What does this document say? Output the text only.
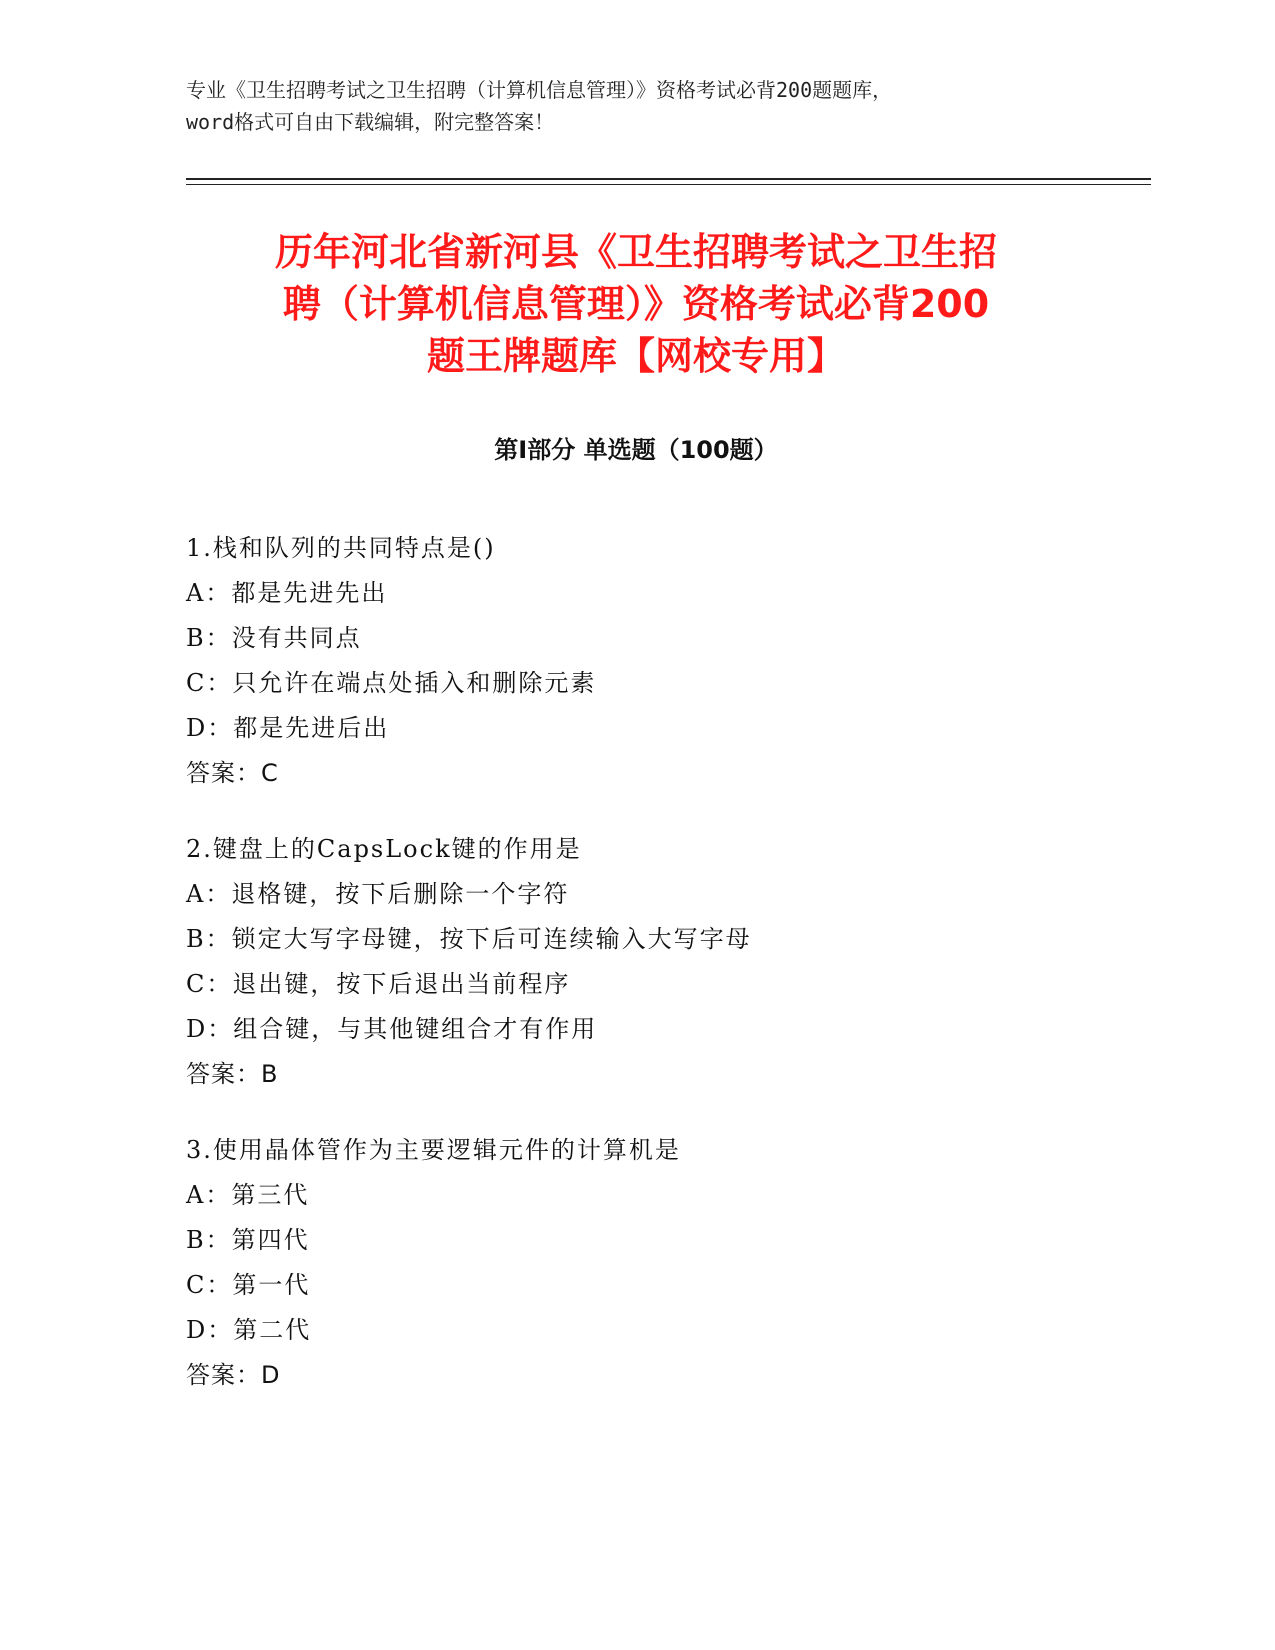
专业《卫生招聘考试之卫生招聘（计算机信息管理）》资格考试必背200题题库，
word格式可自由下载编辑，附完整答案！
历年河北省新河县《卫生招聘考试之卫生招
聘（计算机信息管理）》资格考试必背200
题王牌题库【网校专用】
第Ⅰ部分 单选题（100题）
1.栈和队列的共同特点是()
A：都是先进先出
B：没有共同点
C：只允许在端点处插入和删除元素
D：都是先进后出
答案：C
2.键盘上的CapsLock键的作用是
A：退格键，按下后删除一个字符
B：锁定大写字母键，按下后可连续输入大写字母
C：退出键，按下后退出当前程序
D：组合键，与其他键组合才有作用
答案：B
3.使用晶体管作为主要逻辑元件的计算机是
A：第三代
B：第四代
C：第一代
D：第二代
答案：D
